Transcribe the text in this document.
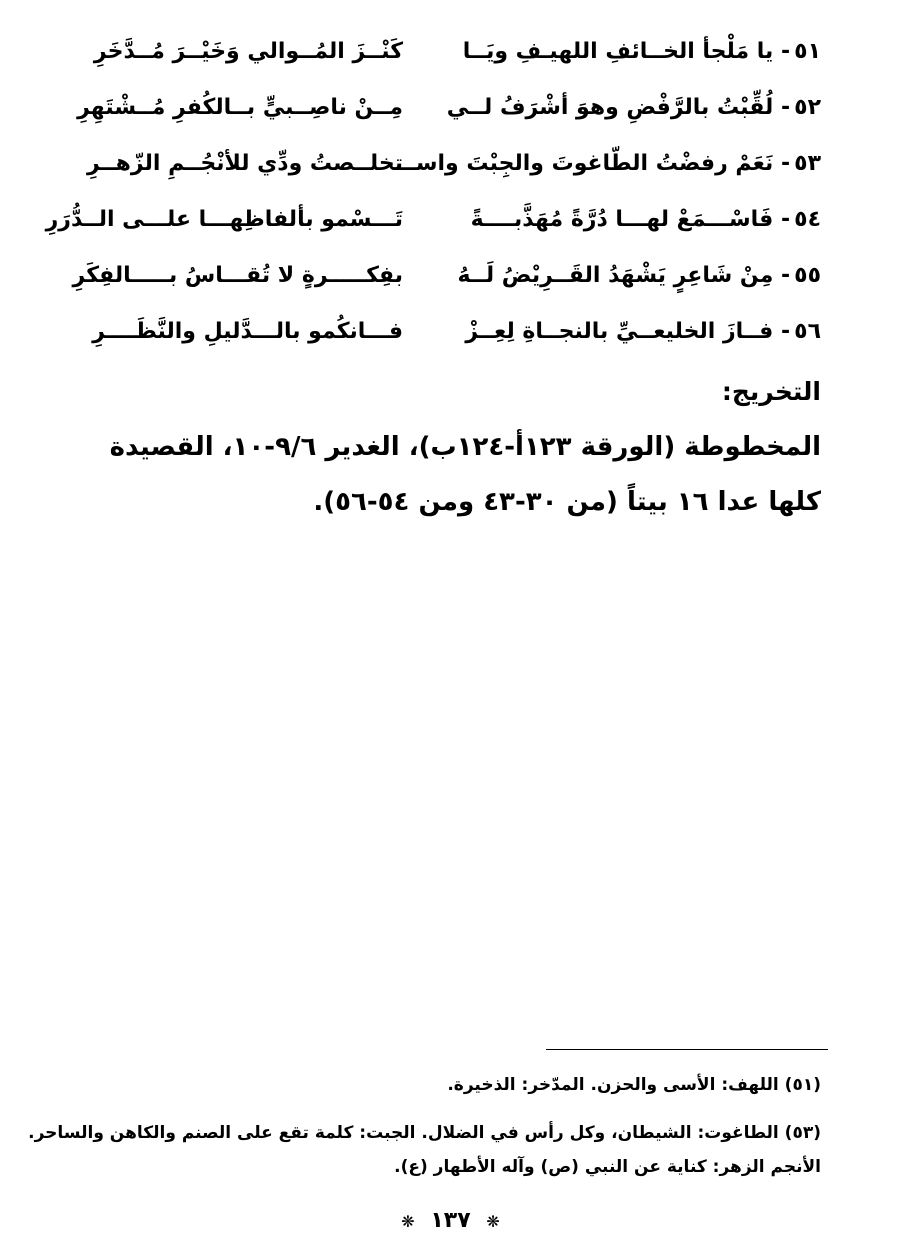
٥١- يا مَلْجأ الخــائفِ اللهيـفِ ويَــا
كَنْــزَ المُــوالي وَخَيْــرَ مُــدَّخَرِ
٥٢- لُقِّبْتُ بالرَّفْضِ وهوَ أشْرَفُ لــي
مِــنْ ناصِــبيٍّ بــالكُفرِ مُــشْتَهِرِ
٥٣- نَعَمْ رفضْتُ الطّاغوتَ والجِبْتَ واســـ
تخلــصتُ ودِّي للأنْجُــمِ الزّهــرِ
٥٤- فَاسْـــمَعْ لهـــا دُرَّةً مُهَذَّبــــةً
تَـــسْمو بألفاظِهـــا علـــى الــدُّرَرِ
٥٥- مِنْ شَاعِرٍ يَشْهَدُ القَــرِيْضُ لَــهُ
بفِكـــــرةٍ لا تُقـــاسُ بـــــالفِكَرِ
٥٦- فــازَ الخليعــيِّ بالنجــاةِ لِعِــزْ
فـــانكُمو بالـــدَّليلِ والنَّظَــــرِ
التخريج:
المخطوطة (الورقة ١٢٣أ-١٢٤ب)، الغدير ٩/٦-١٠، القصيدة كلها عدا ١٦ بيتاً (من ٣٠-٤٣ ومن ٥٤-٥٦).
(٥١) اللهف: الأسى والحزن. المدّخر: الذخيرة.
(٥٣) الطاغوت: الشيطان، وكل رأس في الضلال. الجبت: كلمة تقع على الصنم والكاهن والساحر.
الأنجم الزهر: كناية عن النبي (ص) وآله الأطهار (ع).
❋ ١٣٧ ❋
